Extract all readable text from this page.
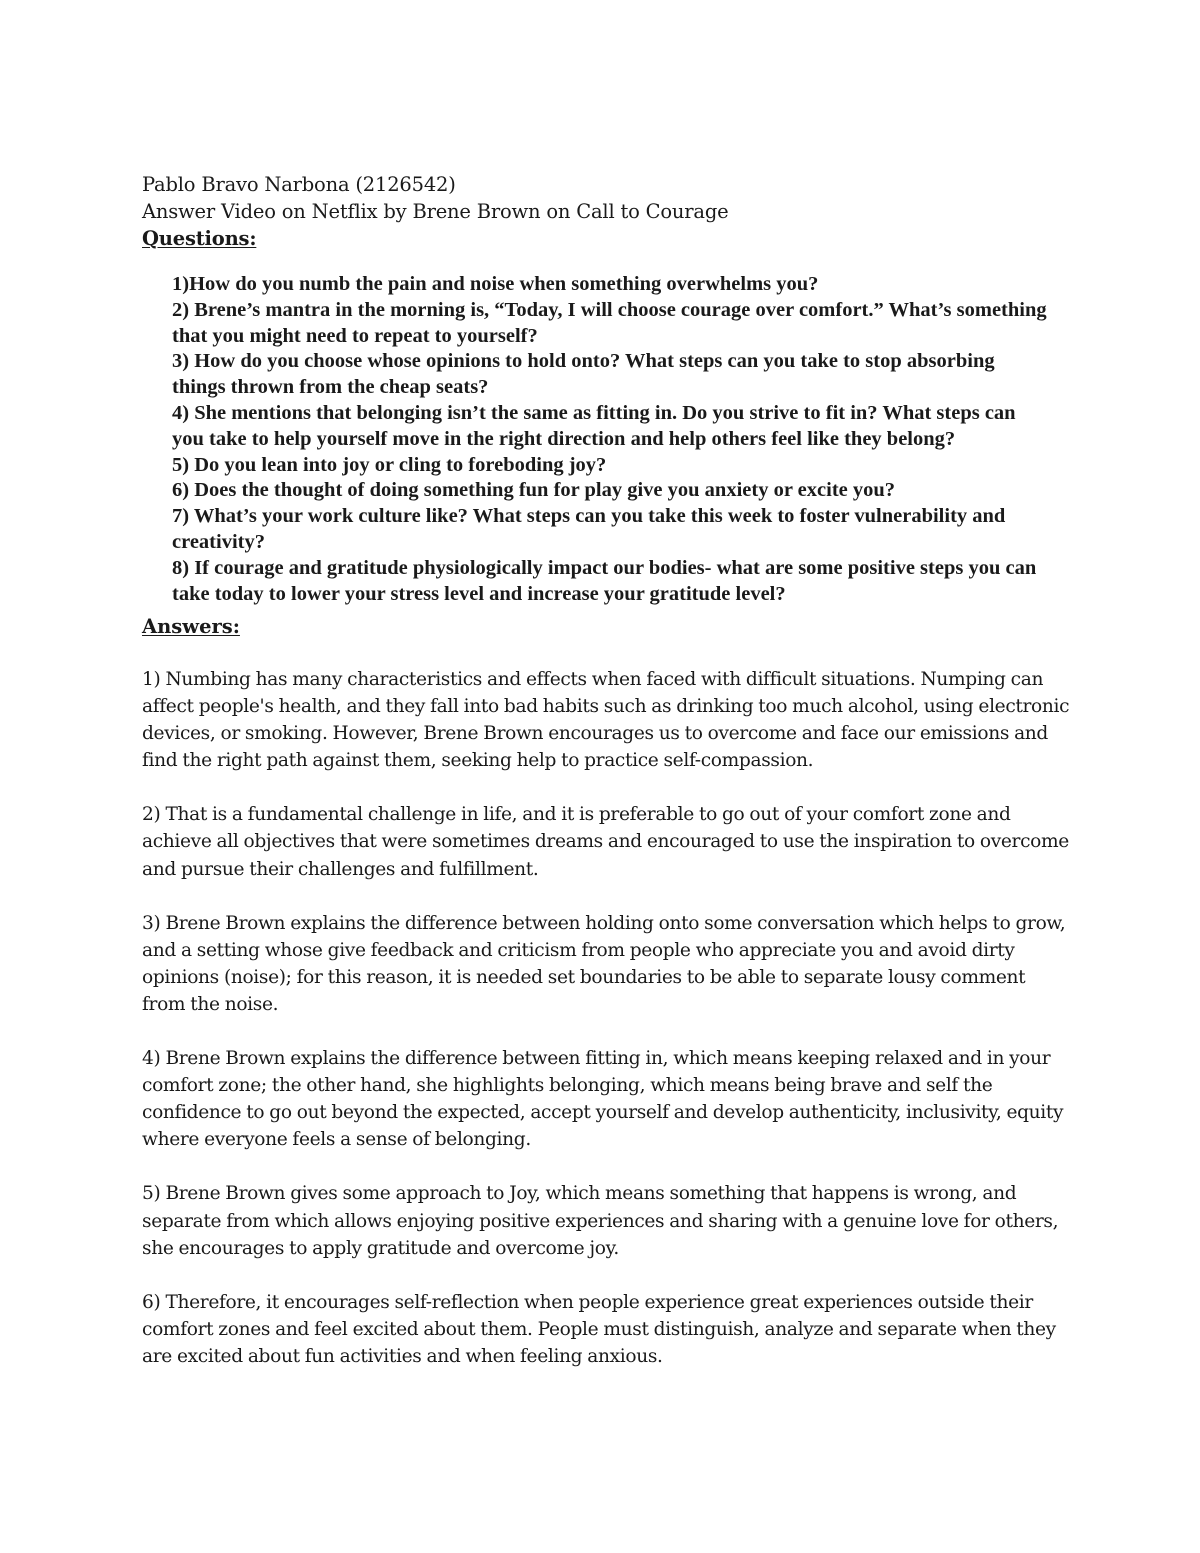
Pablo Bravo Narbona (2126542)
Answer Video on Netflix by Brene Brown on Call to Courage
Questions:
1)How do you numb the pain and noise when something overwhelms you?
2) Brene’s mantra in the morning is, “Today, I will choose courage over comfort.” What’s something that you might need to repeat to yourself?
3) How do you choose whose opinions to hold onto? What steps can you take to stop absorbing things thrown from the cheap seats?
4) She mentions that belonging isn’t the same as fitting in. Do you strive to fit in? What steps can you take to help yourself move in the right direction and help others feel like they belong?
5) Do you lean into joy or cling to foreboding joy?
6) Does the thought of doing something fun for play give you anxiety or excite you?
7) What’s your work culture like? What steps can you take this week to foster vulnerability and creativity?
8) If courage and gratitude physiologically impact our bodies- what are some positive steps you can take today to lower your stress level and increase your gratitude level?
Answers:

1) Numbing has many characteristics and effects when faced with difficult situations. Numping can affect people's health, and they fall into bad habits such as drinking too much alcohol, using electronic devices, or smoking. However, Brene Brown encourages us to overcome and face our emissions and find the right path against them, seeking help to practice self-compassion.

2) That is a fundamental challenge in life, and it is preferable to go out of your comfort zone and achieve all objectives that were sometimes dreams and encouraged to use the inspiration to overcome and pursue their challenges and fulfillment.

3) Brene Brown explains the difference between holding onto some conversation which helps to grow, and a setting whose give feedback and criticism from people who appreciate you and avoid dirty opinions (noise); for this reason, it is needed set boundaries to be able to separate lousy comment from the noise.

4) Brene Brown explains the difference between fitting in, which means keeping relaxed and in your comfort zone; the other hand, she highlights belonging, which means being brave and self the confidence to go out beyond the expected, accept yourself and develop authenticity, inclusivity, equity where everyone feels a sense of belonging.

5) Brene Brown gives some approach to Joy, which means something that happens is wrong, and separate from which allows enjoying positive experiences and sharing with a genuine love for others, she encourages to apply gratitude and overcome joy.

6) Therefore, it encourages self-reflection when people experience great experiences outside their comfort zones and feel excited about them. People must distinguish, analyze and separate when they are excited about fun activities and when feeling anxious.
